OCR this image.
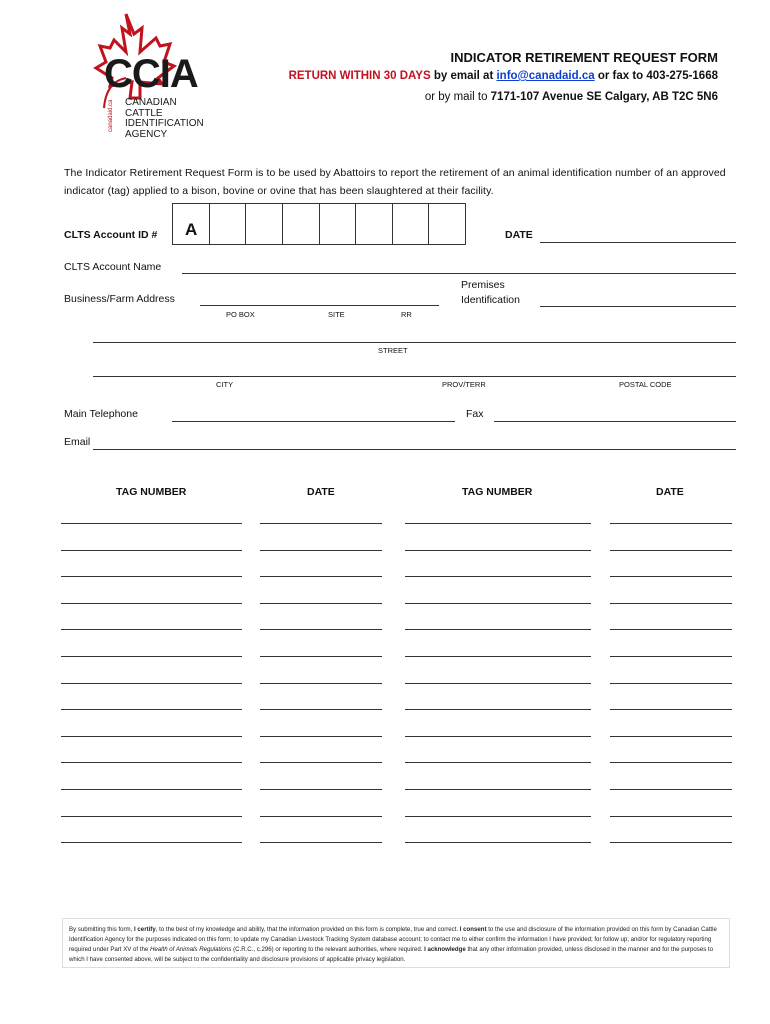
CCIA
CANADIAN
CATTLE
IDENTIFICATION
AGENCY
canadaid.ca
INDICATOR RETIREMENT REQUEST FORM
RETURN WITHIN 30 DAYS by email at info@canadaid.ca or fax to 403-275-1668
or by mail to 7171-107 Avenue SE Calgary, AB T2C 5N6
The Indicator Retirement Request Form is to be used by Abattoirs to report the retirement of an animal identification number of an approved indicator (tag) applied to a bison, bovine or ovine that has been slaughtered at their facility.
CLTS Account ID #	A	DATE
CLTS Account Name
Business/Farm Address
Premises
Identification
PO BOX	SITE	RR
STREET
CITY	PROV/TERR	POSTAL CODE
Main Telephone	Fax
Email
TAG NUMBER	DATE	TAG NUMBER	DATE
By submitting this form, I certify, to the best of my knowledge and ability, that the information provided on this form is complete, true and correct. I consent to the use and disclosure of the information provided on this form by Canadian Cattle Identification Agency for the purposes indicated on this form; to update my Canadian Livestock Tracking System database account; to contact me to either confirm the information I have provided; for follow up; and/or for regulatory reporting required under Part XV of the Health of Animals Regulations (C.R.C., c.296) or reporting to the relevant authorities, where required. I acknowledge that any other information provided, unless disclosed in the manner and for the purposes to which I have consented above, will be subject to the confidentiality and disclosure provisions of applicable privacy legislation.
